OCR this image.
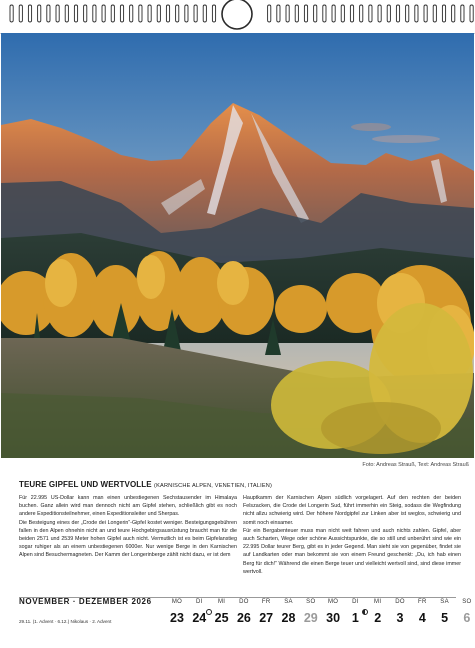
Foto: Andreas Strauß, Text: Andreas Strauß
TEURE GIPFEL UND WERTVOLLE (KARNISCHE ALPEN, VENETIEN, ITALIEN)

Für 22.995 US-Dollar kann man einen unbestiegenen Sechstausender im Himalaya buchen. Ganz allein wird man dennoch nicht am Gipfel stehen, schließlich gibt es noch andere Expeditionsteilnehmer, einen Expeditionsleiter und Sherpas.

Die Besteigung eines der „Crode dei Longerin“-Gipfel kostet weniger. Besteigungsgebühren fallen in den Alpen ohnehin nicht an und teure Hochgebirgsausrüstung braucht man für die beiden 2571 und 2539 Meter hohen Gipfel auch nicht. Vermutlich ist es beim Gipfelanstieg sogar ruhiger als an einem unbestiegenen 6000er. Nur wenige Berge in den Karnischen Alpen sind Besuchermagneten. Der Kamm der Longerinberge zählt nicht dazu, er ist dem

Hauptkamm der Karnischen Alpen südlich vorgelagert. Auf den rechten der beiden Felszacken, die Crode dei Longerin Sud, führt immerhin ein Steig, sodass die Wegfindung nicht allzu schwierig wird. Der höhere Nordgipfel zur Linken aber ist weglos, schwierig und somit noch einsamer.

Für ein Bergabenteuer muss man nicht weit fahren und auch nichts zahlen. Gipfel, aber auch Scharten, Wege oder schöne Aussichtspunkte, die so still und unberührt sind wie ein 22.995 Dollar teurer Berg, gibt es in jeder Gegend. Man sieht sie von gegenüber, findet sie auf Landkarten oder man bekommt sie von einem Freund geschenkt: „Du, ich hab einen Berg für dich!“ Während die einen Berge teuer und vielleicht wertvoll sind, sind diese immer wertvoll.

NOVEMBER · DEZEMBER 2026
29.11. (1. Advent · 6.12.) Nikolaus · 2. Advent
MO
23
DI
24
MI
25
DO
26
FR
27
SA
28
SO
29
MO
30
DI
1
MI
2
DO
3
FR
4
SA
5
SO
6
